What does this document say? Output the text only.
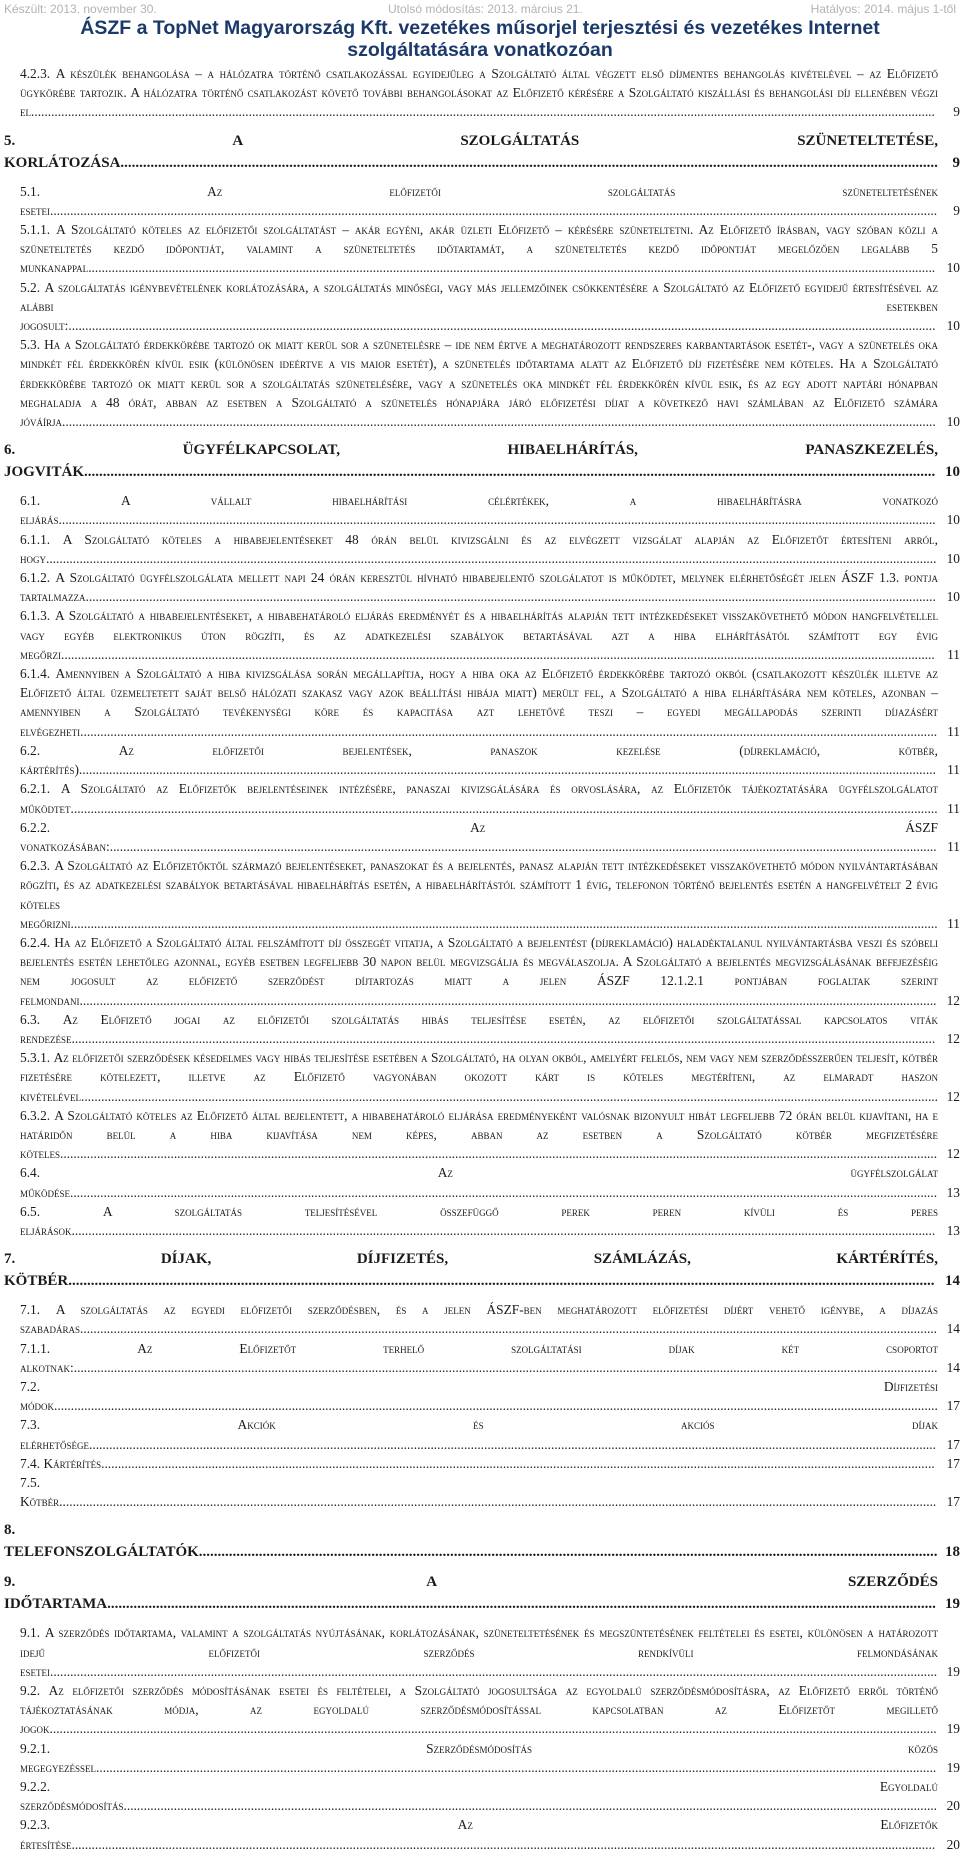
Készült: 2013. november 30.	Utolsó módosítás: 2013. március 21.	Hatályos: 2014. május 1-től
ÁSZF a TopNet Magyarország Kft. vezetékes műsorjel terjesztési és vezetékes Internet
szolgáltatására vonatkozóan
4.2.3. A készülék behangolása – a hálózatra történő csatlakozással egyidejűleg a Szolgáltató által végzett első díjmentes behangolás kivételével – az Előfizető ügykörébe tartozik. A hálózatra történő csatlakozást követő további behangolásokat az Előfizető kérésére a Szolgáltató kiszállási és behangolási díj ellenében végzi el.............................................................................................................................................................................................................................................................................. 9
5.	A SZOLGÁLTATÁS SZÜNETELTETÉSE, KORLÁTOZÁSA.......................................................................................................................................................................................................................... 9
5.1.	Az előfizetői szolgáltatás szüneteltetésének esetei......................................................................................................................................................................................................................................................................... 9
5.1.1. A Szolgáltató köteles az előfizetői szolgáltatást – akár egyéni, akár üzleti Előfizető – kérésére szüneteltetni. Az Előfizető írásban, vagy szóban közli a szüneteltetés kezdő időpontját, valamint a szüneteltetés időtartamát, a szüneteltetés kezdő időpontját megelőzően legalább 5 munkanappal............................................................................................................................................................................................................................................................. 10
5.2. A szolgáltatás igénybevételének korlátozására, a szolgáltatás minőségi, vagy más jellemzőinek csökkentésére a Szolgáltató az Előfizető egyidejű értesítésével az alábbi esetekben jogosult:................................................................................................................................................................................................................................................................... 10
5.3. Ha a Szolgáltató érdekkörébe tartozó ok miatt kerül sor a szünetelésre – ide nem értve a meghatározott rendszeres karbantartások esetét-, vagy a szünetelés oka mindkét fél érdekkörén kívül esik (különösen ideértve a vis maior esetét), a szünetelés időtartama alatt az Előfizető díj fizetésére nem köteles. Ha a Szolgáltató érdekkörébe tartozó ok miatt kerül sor a szolgáltatás szünetelésére, vagy a szünetelés oka mindkét fél érdekkörén kívül esik, és az egy adott naptári hónapban meghaladja a 48 órát, abban az esetben a Szolgáltató a szünetelés hónapjára járó előfizetési díjat a következő havi számlában az Előfizető számára jóváírja..................................................................................................................................................................................................................................................................... 10
6.	ÜGYFÉLKAPCSOLAT, HIBAELHÁRÍTÁS, PANASZKEZELÉS, JOGVITÁK................................................................................................................................................................................................................................... 10
6.1.	A vállalt hibaelhárítási célértékek, a hibaelhárításra vonatkozó eljárás...................................................................................................................................................................................................................................................................... 10
6.1.1. A Szolgáltató köteles a hibabejelentéseket 48 órán belül kivizsgálni és az elvégzett vizsgálat alapján az Előfizetőt értesíteni arról, hogy.......................................................................................................................................................................................................................................................................... 10
6.1.2. A Szolgáltató ügyfélszolgálata mellett napi 24 órán keresztül hívható hibabejelentő szolgálatot is működtet, melynek elérhetőségét jelen ÁSZF 1.3. pontja tartalmazza.............................................................................................................................................................................................................................................................. 10
6.1.3. A Szolgáltató a hibabejelentéseket, a hibabehatároló eljárás eredményét és a hibaelhárítás alapján tett intézkedéseket visszakövethető módon hangfelvétellel vagy egyéb elektronikus úton rögzíti, és az adatkezelési szabályok betartásával azt a hiba elhárításától számított egy évig megőrzi..................................................................................................................................................................................................................................................................... 11
6.1.4. Amennyiben a Szolgáltató a hiba kivizsgálása során megállapítja, hogy a hiba oka az Előfizető érdekkörébe tartozó okból (csatlakozott készülék illetve az Előfizető által üzemeltetett saját belső hálózati szakasz vagy azok beállítási hibája miatt) merült fel, a Szolgáltató a hiba elhárítására nem köteles, azonban – amennyiben a Szolgáltató tevékenységi köre és kapacitása azt lehetővé teszi – egyedi megállapodás szerinti díjazásért elvégezheti................................................................................................................................................................................................................................................................ 11
6.2.	Az előfizetői bejelentések, panaszok kezelése (díjreklamáció, kötbér, kártérítés)................................................................................................................................................................................................................................................................ 11
6.2.1. A Szolgáltató az Előfizetők bejelentéseinek intézésére, panaszai kivizsgálására és orvoslására, az Előfizetők tájékoztatására ügyfélszolgálatot működtet................................................................................................................................................................................................................................................................... 11
6.2.2.	Az ÁSZF vonatkozásában:....................................................................................................................................................................................................................................................... 11
6.2.3. A Szolgáltató az Előfizetőktől származó bejelentéseket, panaszokat és a bejelentés, panasz alapján tett intézkedéseket visszakövethető módon nyilvántartásában rögzíti, és az adatkezelési szabályok betartásával hibaelhárítás esetén, a hibaelhárítástól számított 1 évig, telefonon történő bejelentés esetén a hangfelvételt 2 évig köteles megőrizni................................................................................................................................................................................................................................................................... 11
6.2.4. Ha az Előfizető a Szolgáltató által felszámított díj összegét vitatja, a Szolgáltató a bejelentést (díjreklamáció) haladéktalanul nyilvántartásba veszi és szóbeli bejelentés esetén lehetőleg azonnal, egyéb esetben legfeljebb 30 napon belül megvizsgálja és megválaszolja. A Szolgáltató a bejelentés megvizsgálásának befejezéséig nem jogosult az előfizető szerződést díjtartozás miatt a jelen ÁSZF 12.1.2.1 pontjában foglaltak szerint felmondani................................................................................................................................................................................................................................................................ 12
6.3. Az Előfizető jogai az előfizetői szolgáltatás hibás teljesítése esetén, az előfizetői szolgáltatással kapcsolatos viták rendezése.................................................................................................................................................................................................................................................................. 12
5.3.1. Az előfizetői szerződések késedelmes vagy hibás teljesítése esetében a Szolgáltató, ha olyan okból, amelyért felelős, nem vagy nem szerződésszerűen teljesít, kötbér fizetésére kötelezett, illetve az Előfizető vagyonában okozott kárt is köteles megtéríteni, az elmaradt haszon kivételével................................................................................................................................................................................................................................................................ 12
6.3.2. A Szolgáltató köteles az Előfizető által bejelentett, a hibabehatároló eljárása eredményeként valósnak bizonyult hibát legfeljebb 72 órán belül kijavítani, ha e határidőn belül a hiba kijavítása nem képes, abban az esetben a Szolgáltató kötbér megfizetésére köteles...................................................................................................................................................................................................................................................................... 12
6.4.	Az ügyfélszolgálat működése................................................................................................................................................................................................................................................................... 13
6.5.	A szolgáltatás teljesítésével összefüggő perek peren kívüli és peres eljárások.................................................................................................................................................................................................................................................................. 13
7.	DÍJAK, DÍJFIZETÉS, SZÁMLÁZÁS, KÁRTÉRÍTÉS, KÖTBÉR....................................................................................................................................................................................................................................... 14
7.1. A szolgáltatás az egyedi előfizetői szerződésben, és a jelen ÁSZF-ben meghatározott előfizetési díjért vehető igénybe, a díjazás szabadáras................................................................................................................................................................................................................................................................ 14
7.1.1.	Az Előfizetőt terhelő szolgáltatási díjak két csoportot alkotnak:.................................................................................................................................................................................................................................................................. 14
7.2.	Díjfizetési módok........................................................................................................................................................................................................................................................................ 17
7.3.	Akciók és akciós díjak elérhetősége............................................................................................................................................................................................................................................................. 17
7.4. Kártérítés......................................................................................................................................................................................................................................................... 17
7.5. Kötbér...................................................................................................................................................................................................................................................................... 17
8. TELEFONSZOLGÁLTATÓK..................................................................................................................................................................................................... 18
9.	A SZERZŐDÉS IDŐTARTAMA............................................................................................................................................................................................................................. 19
9.1. A szerződés időtartama, valamint a szolgáltatás nyújtásának, korlátozásának, szüneteltetésének és megszüntetésének feltételei és esetei, különösen a határozott idejű előfizetői szerződés rendkívüli felmondásának esetei......................................................................................................................................................................................................................................................................... 19
9.2. Az előfizetői szerződés módosításának esetei és feltételei, a Szolgáltató jogosultsága az egyoldalú szerződésmódosításra, az Előfizető erről történő tájékoztatásának módja, az egyoldalú szerződésmódosítással kapcsolatban az Előfizetőt megillető jogok......................................................................................................................................................................................................................................................................... 19
9.2.1.	Szerződésmódosítás közös megegyezéssel........................................................................................................................................................................................................................................................... 19
9.2.2.	Egyoldalú szerződésmódosítás................................................................................................................................................................................................................................................... 20
9.2.3.	Az Előfizetők értesítése.................................................................................................................................................................................................................................................................. 20
